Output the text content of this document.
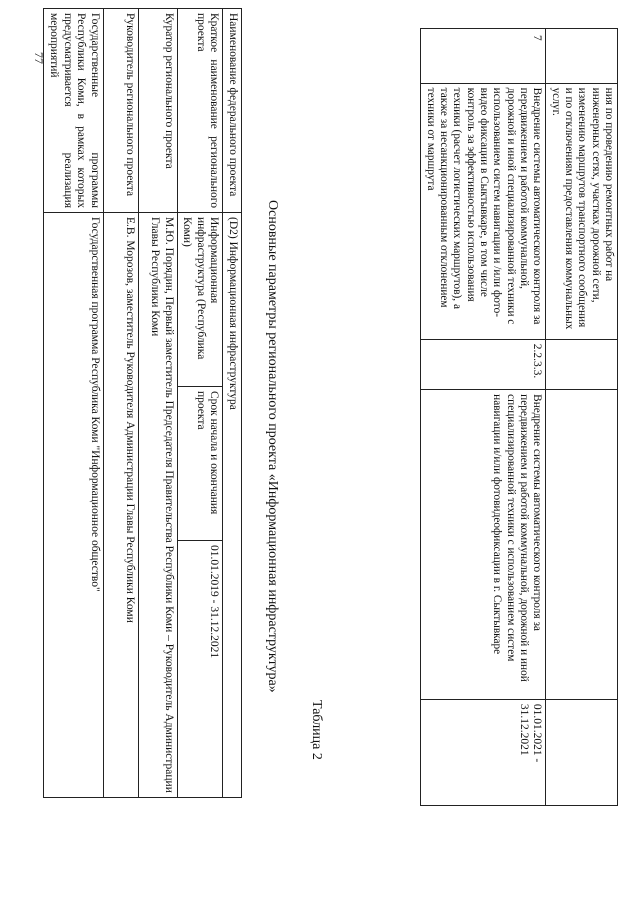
77
	ния по проведению ремонтных работ на инженерных сетях, участках дорожной сети, изменению маршрутов транспортного сообщения и по отключениям предоставления коммунальных услуг.			
7	Внедрение системы автоматического контроля за передвижением и работой коммунальной, дорожной и иной специализированной техники с использованием систем навигации и /или фото-видео фиксации в Сыктывкаре, в том числе контроль за эффективностью использования техники (расчет логистических маршрутов), а также за несанкционированным отклонением техники от маршрута	2.2.3.3.	Внедрение системы автоматического контроля за передвижением и работой коммунальной, дорожной и иной специализированной техники с использованием систем навигации и/или фотовидеофиксации в г. Сыктывкаре	01.01.2021 - 31.12.2021
Таблица 2
Основные параметры регионального проекта «Информационная инфраструктура»
Наименование федерального проекта	(D2) Информационная инфраструктура
Краткое наименование регионального проекта	Информационная инфраструктура (Республика Коми)
Срок начала и окончания проекта
01.01.2019 - 31.12.2021

Куратор регионального проекта	М.Ю. Порядин, Первый заместитель Председателя Правительства Республики Коми – Руководитель Администрации Главы Республики Коми
Руководитель регионального проекта	Е.В. Морозов, заместитель Руководителя Администрации Главы Республики Коми
Государственные программы Республики Коми, в рамках которых предусматривается реализация мероприятий	Государственная программа Республика Коми "Информационное общество"
